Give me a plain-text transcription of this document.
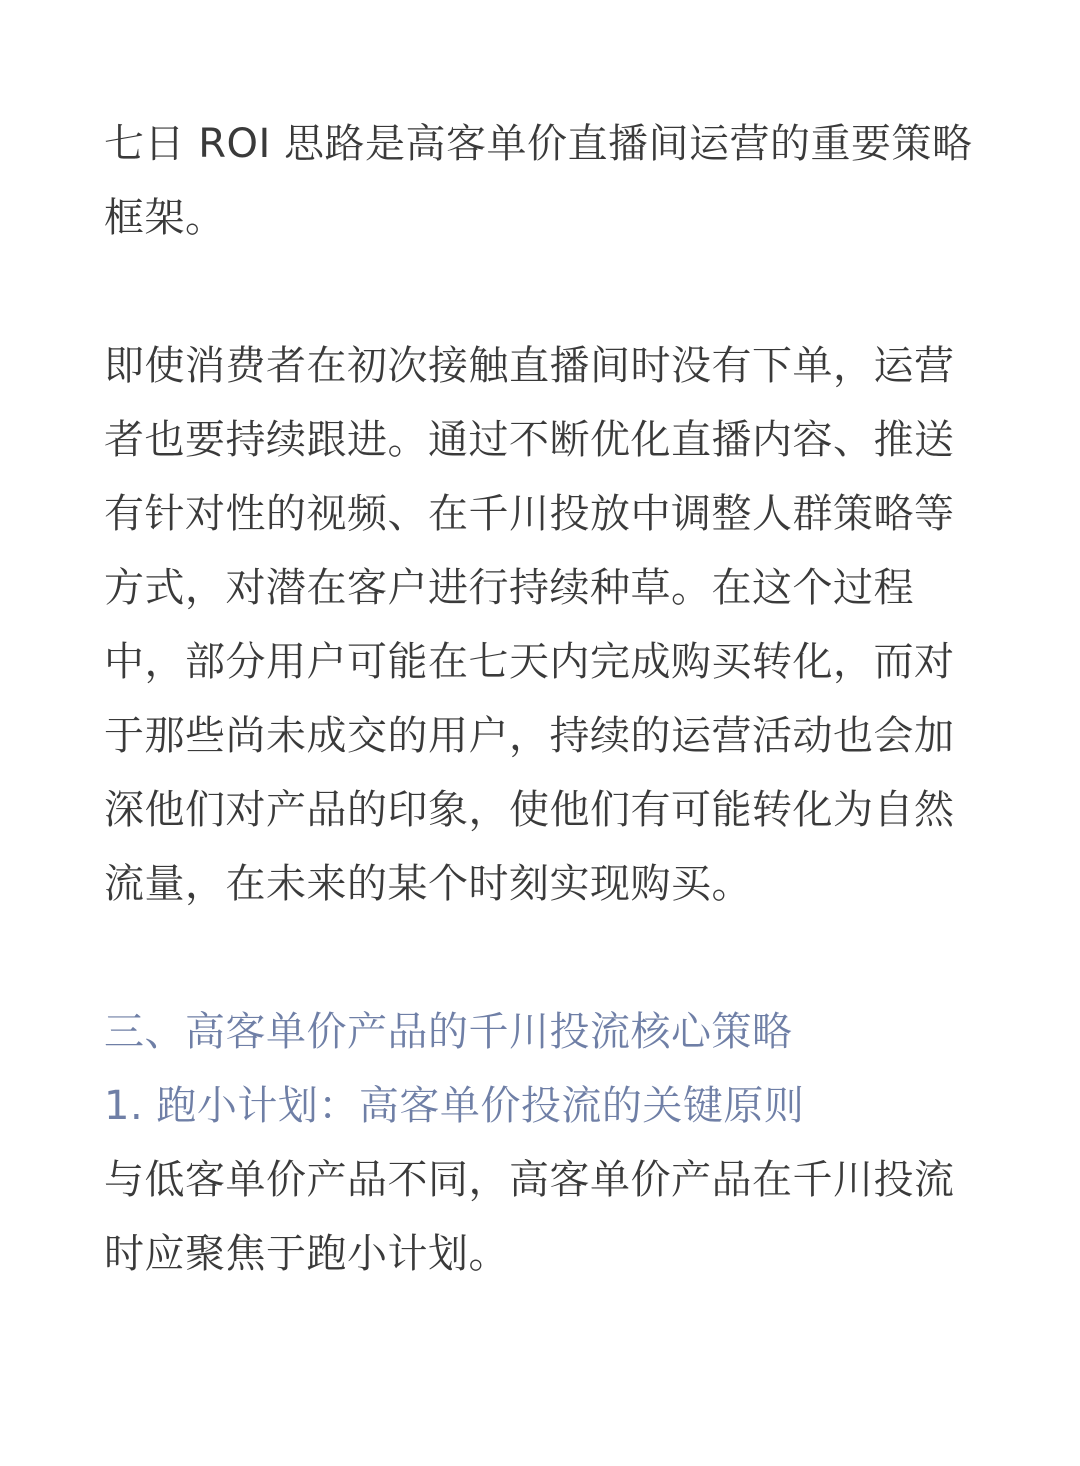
七日 ROI 思路是高客单价直播间运营的重要策略框架。

即使消费者在初次接触直播间时没有下单，运营者也要持续跟进。通过不断优化直播内容、推送有针对性的视频、在千川投放中调整人群策略等方式，对潜在客户进行持续种草。在这个过程中，部分用户可能在七天内完成购买转化，而对于那些尚未成交的用户，持续的运营活动也会加深他们对产品的印象，使他们有可能转化为自然流量，在未来的某个时刻实现购买。

三、高客单价产品的千川投流核心策略
1. 跑小计划：高客单价投流的关键原则

与低客单价产品不同，高客单价产品在千川投流时应聚焦于跑小计划。
